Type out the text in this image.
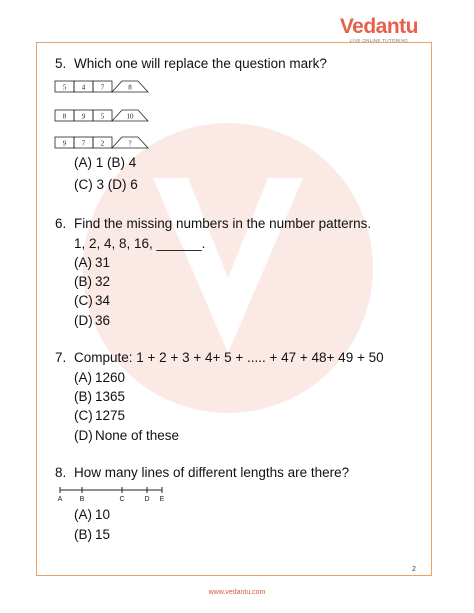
Vedantu
LIVE ONLINE TUTORING
5. Which one will replace the question mark?
5 4 7	8
8 9 5	10
9 7 2	?
(A) 1 (B) 4
(C) 3 (D) 6
6. Find the missing numbers in the number patterns.
1, 2, 4, 8, 16, ______.
(A) 31
(B) 32
(C) 34
(D) 36
7. Compute: 1 + 2 + 3 + 4+ 5 + ..... + 47 + 48+ 49 + 50
(A) 1260
(B) 1365
(C) 1275
(D) None of these
8. How many lines of different lengths are there?
A B	C	D E
(A) 10
(B) 15
2
www.vedantu.com
